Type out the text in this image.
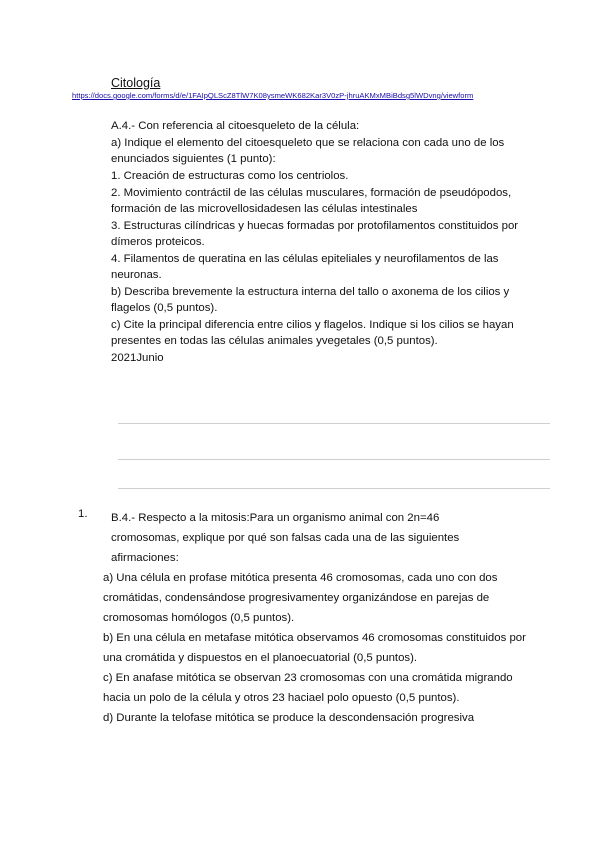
Citología
https://docs.google.com/forms/d/e/1FAIpQLScZ8TlW7K08ysmeWK682Kar3V0zP-jhruAKMxMBiBdsg5lWDvng/viewform

A.4.- Con referencia al citoesqueleto de la célula:

a) Indique el elemento del citoesqueleto que se relaciona con cada uno de los enunciados siguientes (1 punto):

1. Creación de estructuras como los centriolos.

2. Movimiento contráctil de las células musculares, formación de pseudópodos, formación de las microvellosidadesen las células intestinales

3. Estructuras cilíndricas y huecas formadas por protofilamentos constituidos por dímeros proteicos.

4. Filamentos de queratina en las células epiteliales y neurofilamentos de las neuronas.

b) Describa brevemente la estructura interna del tallo o axonema de los cilios y flagelos (0,5 puntos).

c) Cite la principal diferencia entre cilios y flagelos. Indique si los cilios se hayan presentes en todas las células animales yvegetales (0,5 puntos).

2021Junio

1.	B.4.- Respecto a la mitosis:Para un organismo animal con 2n=46

cromosomas, explique por qué son falsas cada una de las siguientes

afirmaciones:

a) Una célula en profase mitótica presenta 46 cromosomas, cada uno con dos cromátidas, condensándose progresivamentey organizándose en parejas de cromosomas homólogos (0,5 puntos).

b) En una célula en metafase mitótica observamos 46 cromosomas constituidos por una cromátida y dispuestos en el planoecuatorial (0,5 puntos).

c) En anafase mitótica se observan 23 cromosomas con una cromátida migrando hacia un polo de la célula y otros 23 haciael polo opuesto (0,5 puntos).

d) Durante la telofase mitótica se produce la descondensación progresiva
